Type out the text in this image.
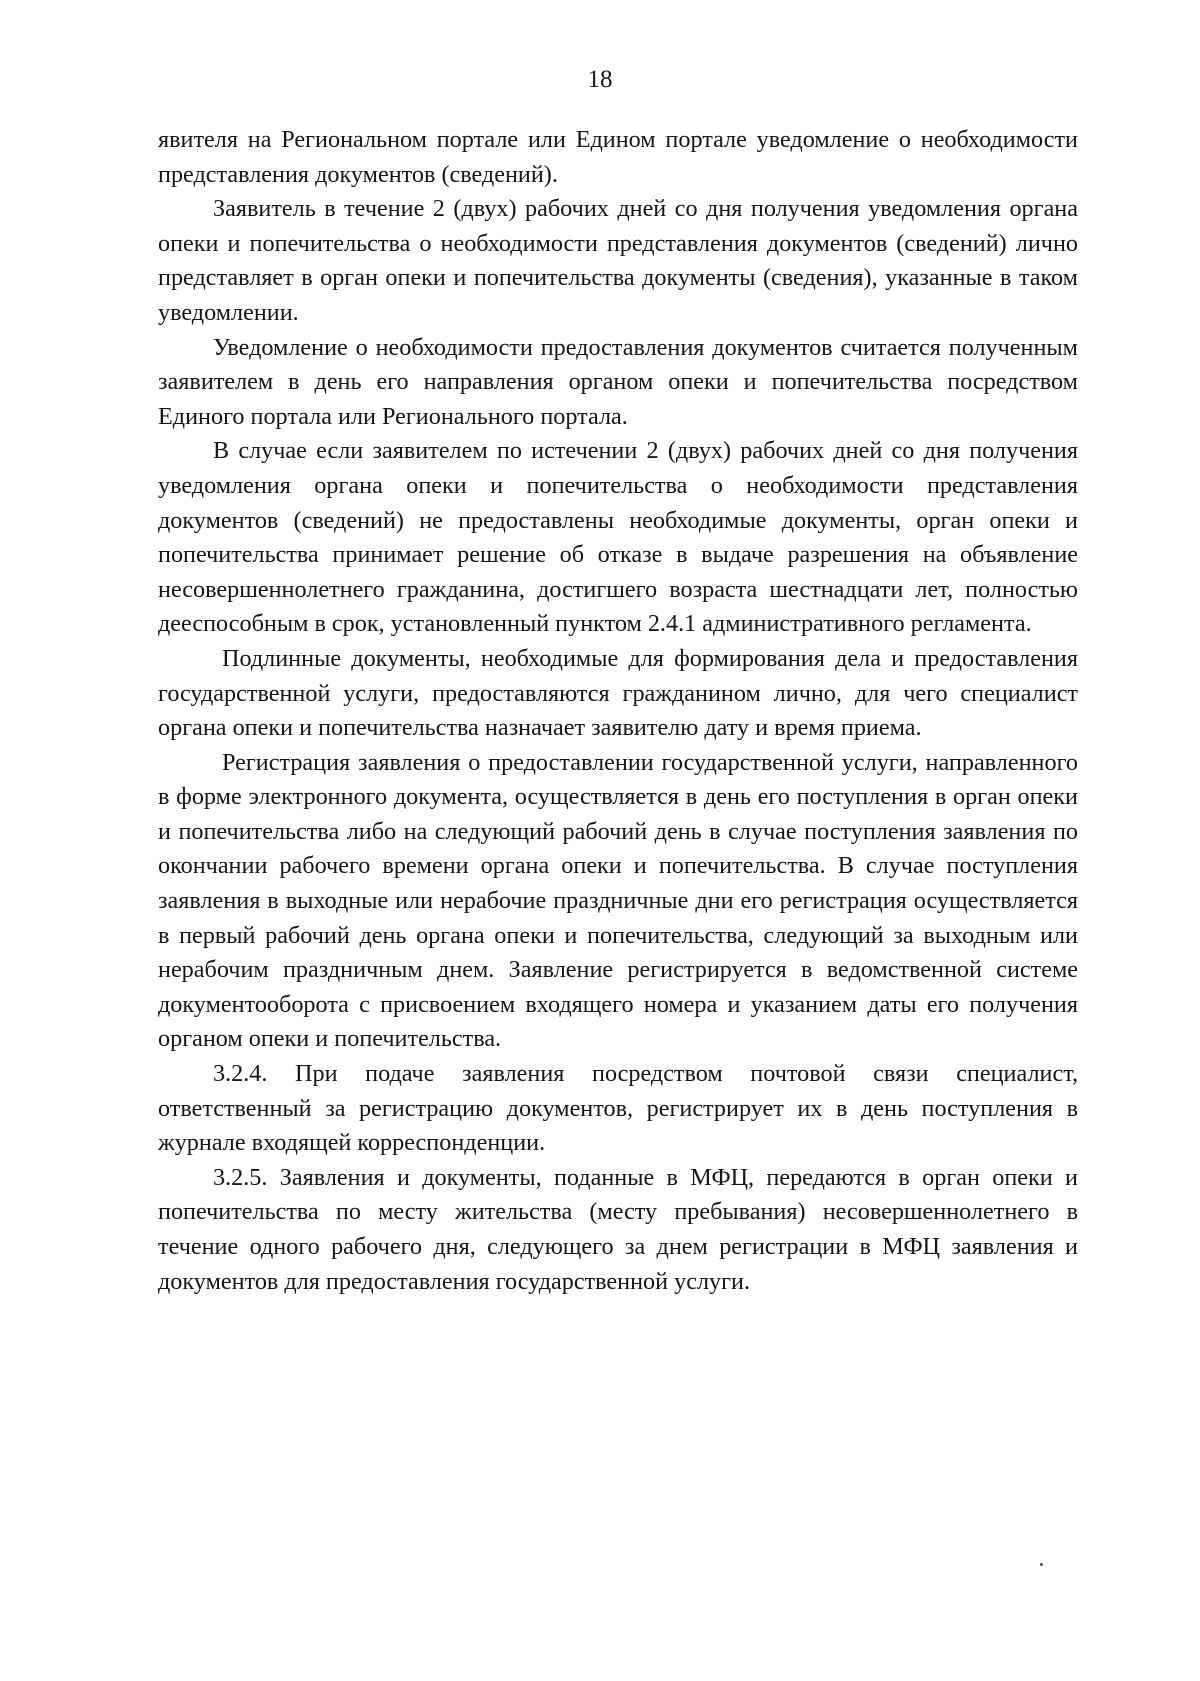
18

явителя на Региональном портале или Едином портале уведомление о необходимости представления документов (сведений).

Заявитель в течение 2 (двух) рабочих дней со дня получения уведомления органа опеки и попечительства о необходимости представления документов (сведений) лично представляет в орган опеки и попечительства документы (сведения), указанные в таком уведомлении.

Уведомление о необходимости предоставления документов считается полученным заявителем в день его направления органом опеки и попечительства посредством Единого портала или Регионального портала.

В случае если заявителем по истечении 2 (двух) рабочих дней со дня получения уведомления органа опеки и попечительства о необходимости представления документов (сведений) не предоставлены необходимые документы, орган опеки и попечительства принимает решение об отказе в выдаче разрешения на объявление несовершеннолетнего гражданина, достигшего возраста шестнадцати лет, полностью дееспособным в срок, установленный пунктом 2.4.1 административного регламента.

Подлинные документы, необходимые для формирования дела и предоставления государственной услуги, предоставляются гражданином лично, для чего специалист органа опеки и попечительства назначает заявителю дату и время приема.

Регистрация заявления о предоставлении государственной услуги, направленного в форме электронного документа, осуществляется в день его поступления в орган опеки и попечительства либо на следующий рабочий день в случае поступления заявления по окончании рабочего времени органа опеки и попечительства. В случае поступления заявления в выходные или нерабочие праздничные дни его регистрация осуществляется в первый рабочий день органа опеки и попечительства, следующий за выходным или нерабочим праздничным днем. Заявление регистрируется в ведомственной системе документооборота с присвоением входящего номера и указанием даты его получения органом опеки и попечительства.

3.2.4. При подаче заявления посредством почтовой связи специалист, ответственный за регистрацию документов, регистрирует их в день поступления в журнале входящей корреспонденции.

3.2.5. Заявления и документы, поданные в МФЦ, передаются в орган опеки и попечительства по месту жительства (месту пребывания) несовершеннолетнего в течение одного рабочего дня, следующего за днем регистрации в МФЦ заявления и документов для предоставления государственной услуги.
